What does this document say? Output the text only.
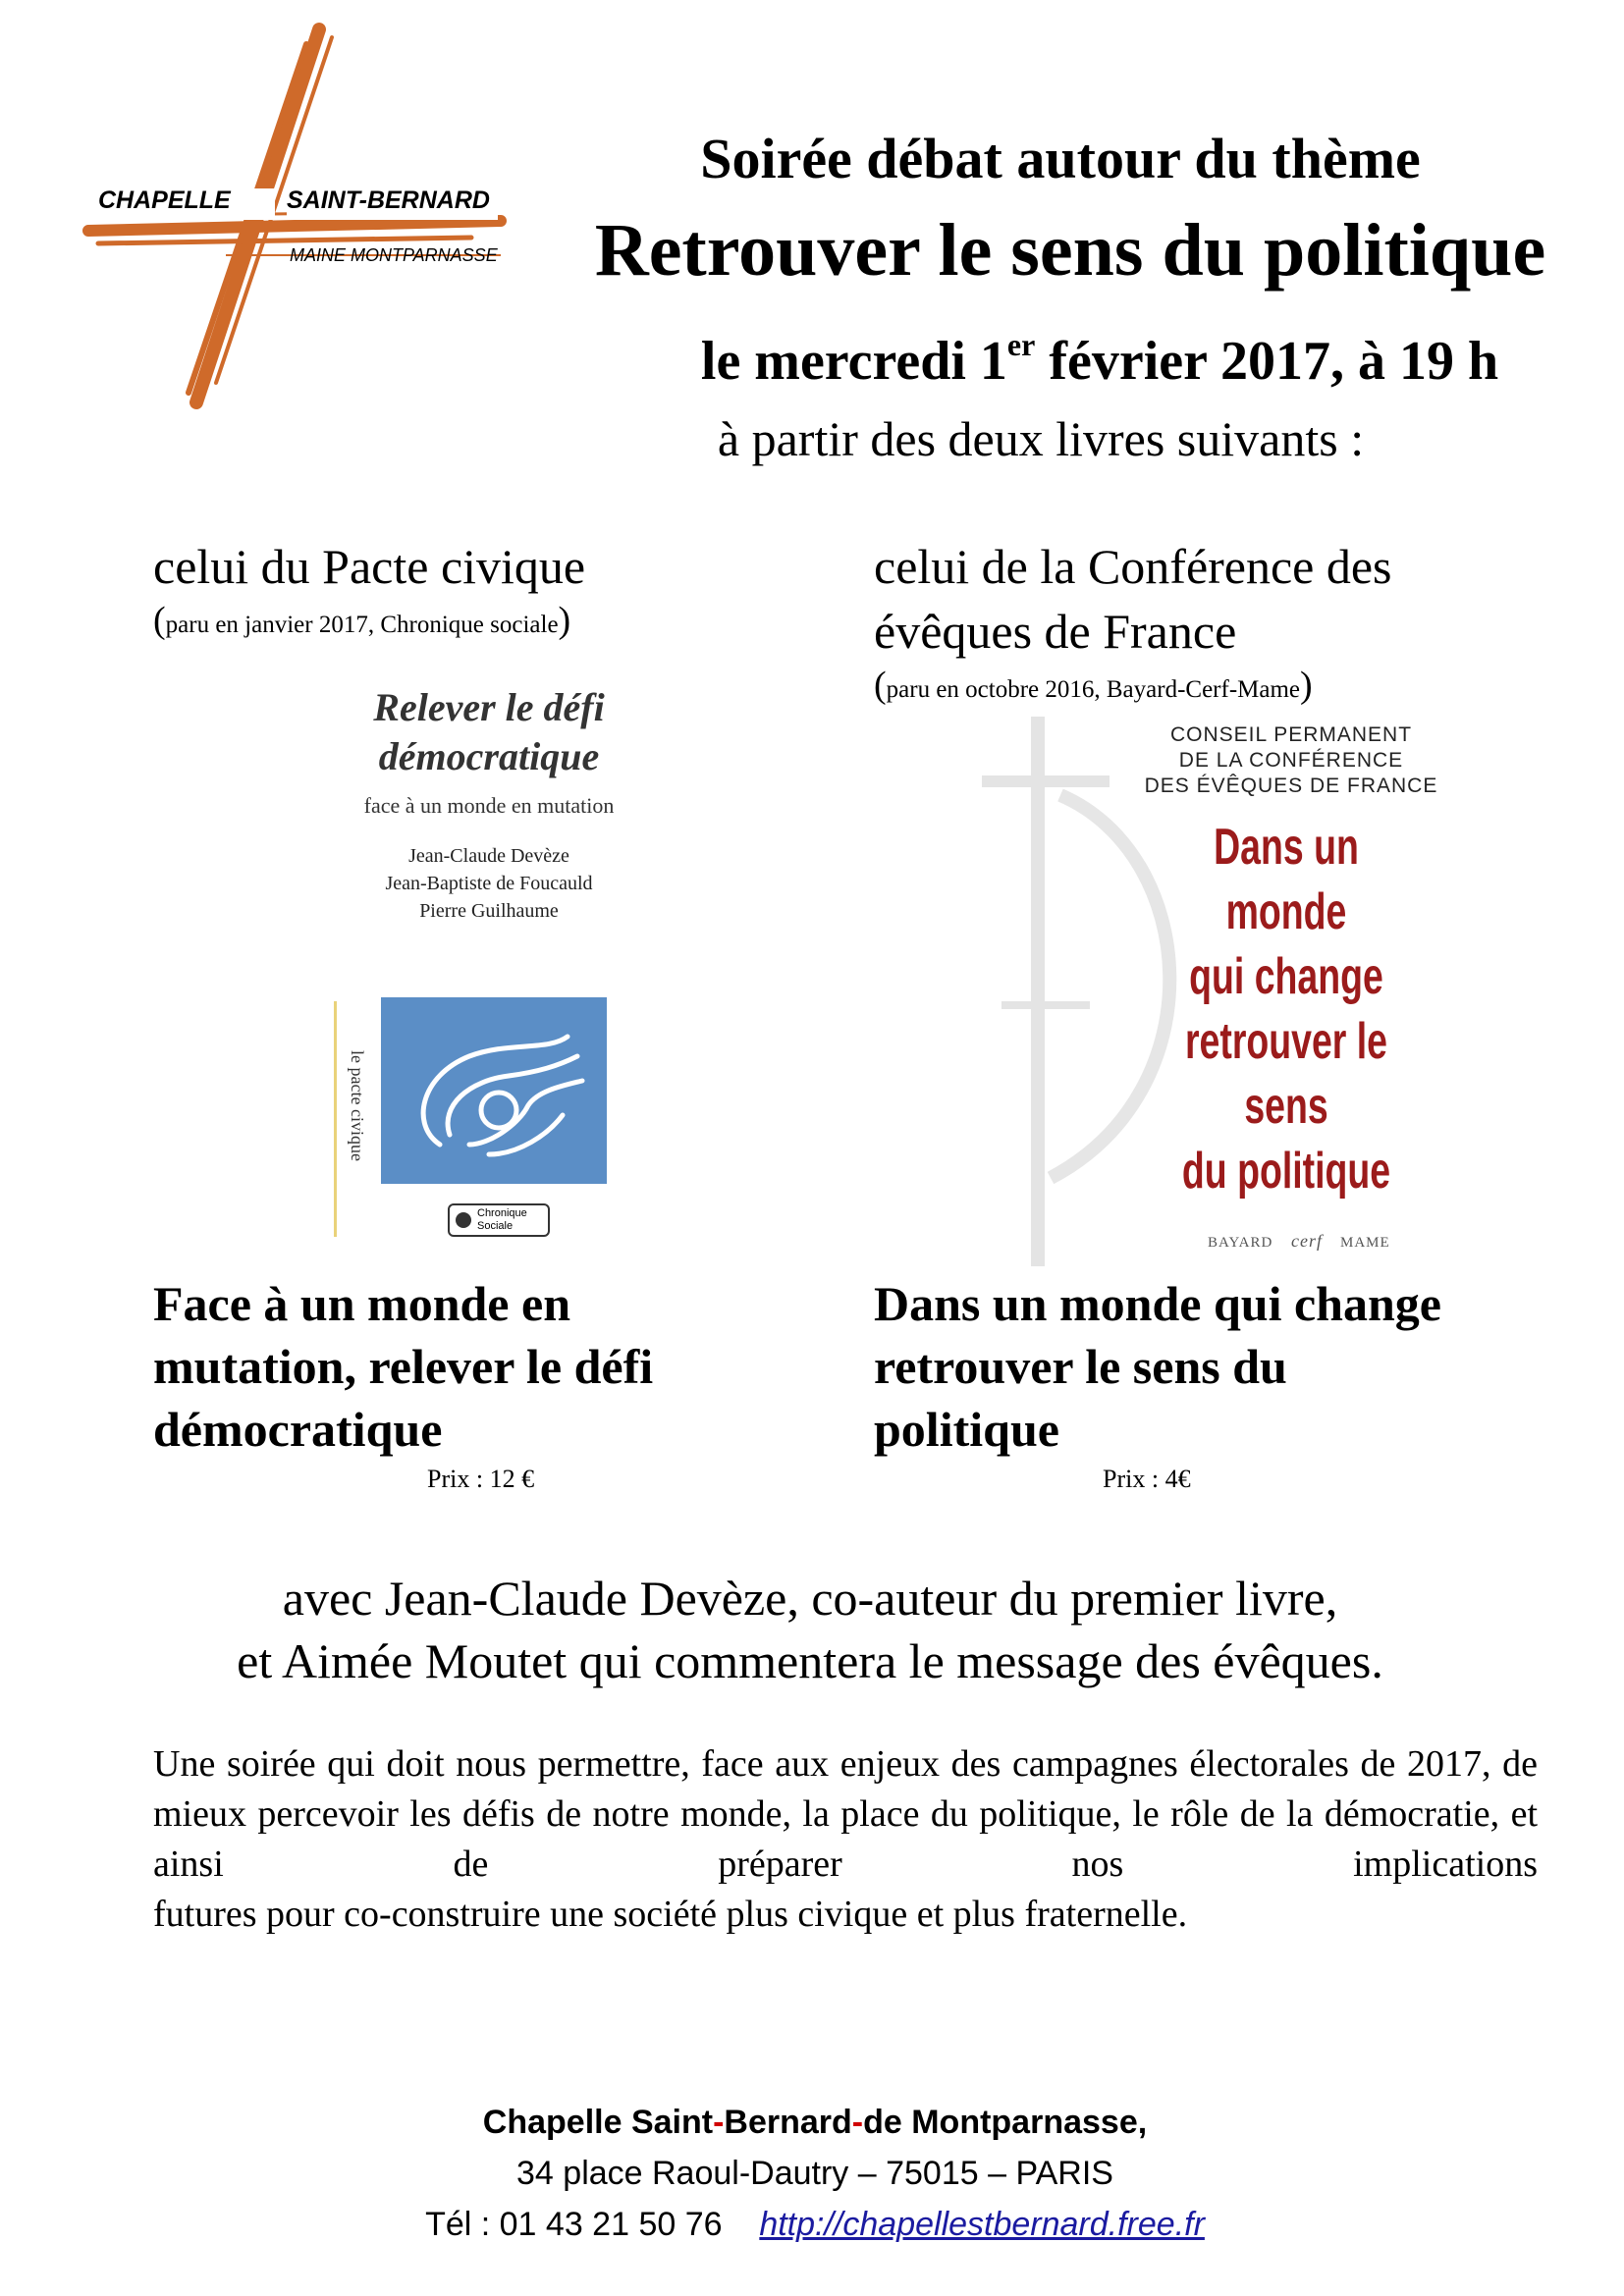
CHAPELLE SAINT-BERNARD
MAINE MONTPARNASSE
Soirée débat autour du thème
Retrouver le sens du politique
le mercredi 1er février 2017, à 19 h
à partir des deux livres suivants :
celui du Pacte civique
(paru en janvier 2017, Chronique sociale)
celui de la Conférence des
évêques de France
(paru en octobre 2016, Bayard-Cerf-Mame)
Relever le défi
démocratique
face à un monde en mutation
Jean-Claude Devèze
Jean-Baptiste de Foucauld
Pierre Guilhaume
le pacte civique
Chronique
Sociale
CONSEIL PERMANENT
DE LA CONFÉRENCE
DES ÉVÊQUES DE FRANCE
Dans un monde
qui change
retrouver le sens
du politique
BAYARD cerf MAME
Face à un monde en
mutation, relever le défi
démocratique
Prix : 12 €
Dans un monde qui change
retrouver le sens du
politique
Prix : 4€
avec Jean-Claude Devèze, co-auteur du premier livre,
et Aimée Moutet qui commentera le message des évêques.
Une soirée qui doit nous permettre, face aux enjeux des campagnes électorales de 2017, de mieux percevoir les défis de notre monde, la place du politique, le rôle de la démocratie, et ainsi de préparer nos implications
futures pour co-construire une société plus civique et plus fraternelle.
Chapelle Saint-Bernard-de Montparnasse,
34 place Raoul-Dautry – 75015 – PARIS
Tél : 01 43 21 50 76 http://chapellestbernard.free.fr
